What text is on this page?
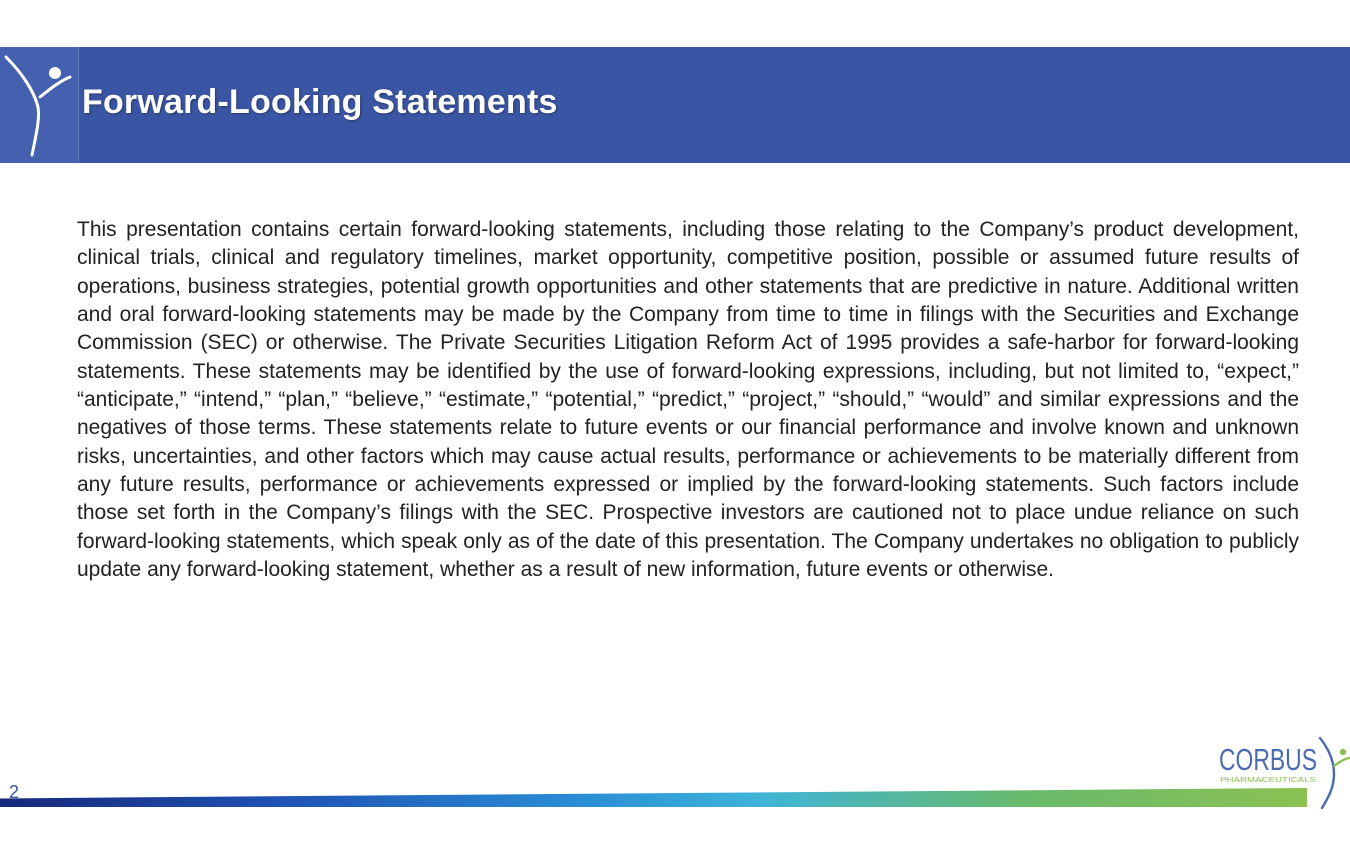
Forward-Looking Statements

This presentation contains certain forward-looking statements, including those relating to the Company’s product development, clinical trials, clinical and regulatory timelines, market opportunity, competitive position, possible or assumed future results of operations, business strategies, potential growth opportunities and other statements that are predictive in nature. Additional written and oral forward-looking statements may be made by the Company from time to time in filings with the Securities and Exchange Commission (SEC) or otherwise. The Private Securities Litigation Reform Act of 1995 provides a safe-harbor for forward-looking statements. These statements may be identified by the use of forward-looking expressions, including, but not limited to, “expect,” “anticipate,” “intend,” “plan,” “believe,” “estimate,” “potential,” “predict,” “project,” “should,” “would” and similar expressions and the negatives of those terms. These statements relate to future events or our financial performance and involve known and unknown risks, uncertainties, and other factors which may cause actual results, performance or achievements to be materially different from any future results, performance or achievements expressed or implied by the forward-looking statements. Such factors include those set forth in the Company’s filings with the SEC. Prospective investors are cautioned not to place undue reliance on such forward-looking statements, which speak only as of the date of this presentation. The Company undertakes no obligation to publicly update any forward-looking statement, whether as a result of new information, future events or otherwise.

2
CORBUS
PHARMACEUTICALS
